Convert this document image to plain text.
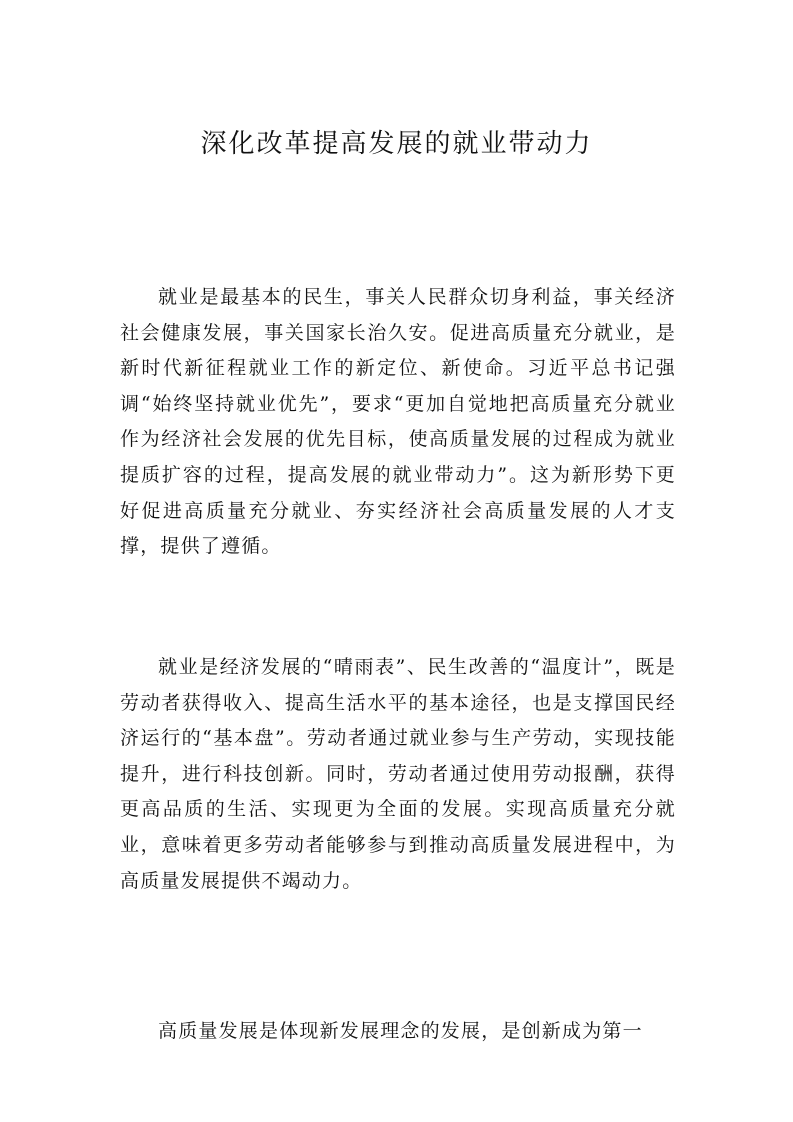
深化改革提高发展的就业带动力

就业是最基本的民生，事关人民群众切身利益，事关经济社会健康发展，事关国家长治久安。促进高质量充分就业，是新时代新征程就业工作的新定位、新使命。习近平总书记强调“始终坚持就业优先”，要求“更加自觉地把高质量充分就业作为经济社会发展的优先目标，使高质量发展的过程成为就业提质扩容的过程，提高发展的就业带动力”。这为新形势下更好促进高质量充分就业、夯实经济社会高质量发展的人才支撑，提供了遵循。

就业是经济发展的“晴雨表”、民生改善的“温度计”，既是劳动者获得收入、提高生活水平的基本途径，也是支撑国民经济运行的“基本盘”。劳动者通过就业参与生产劳动，实现技能提升，进行科技创新。同时，劳动者通过使用劳动报酬，获得更高品质的生活、实现更为全面的发展。实现高质量充分就业，意味着更多劳动者能够参与到推动高质量发展进程中，为高质量发展提供不竭动力。

高质量发展是体现新发展理念的发展，是创新成为第一
